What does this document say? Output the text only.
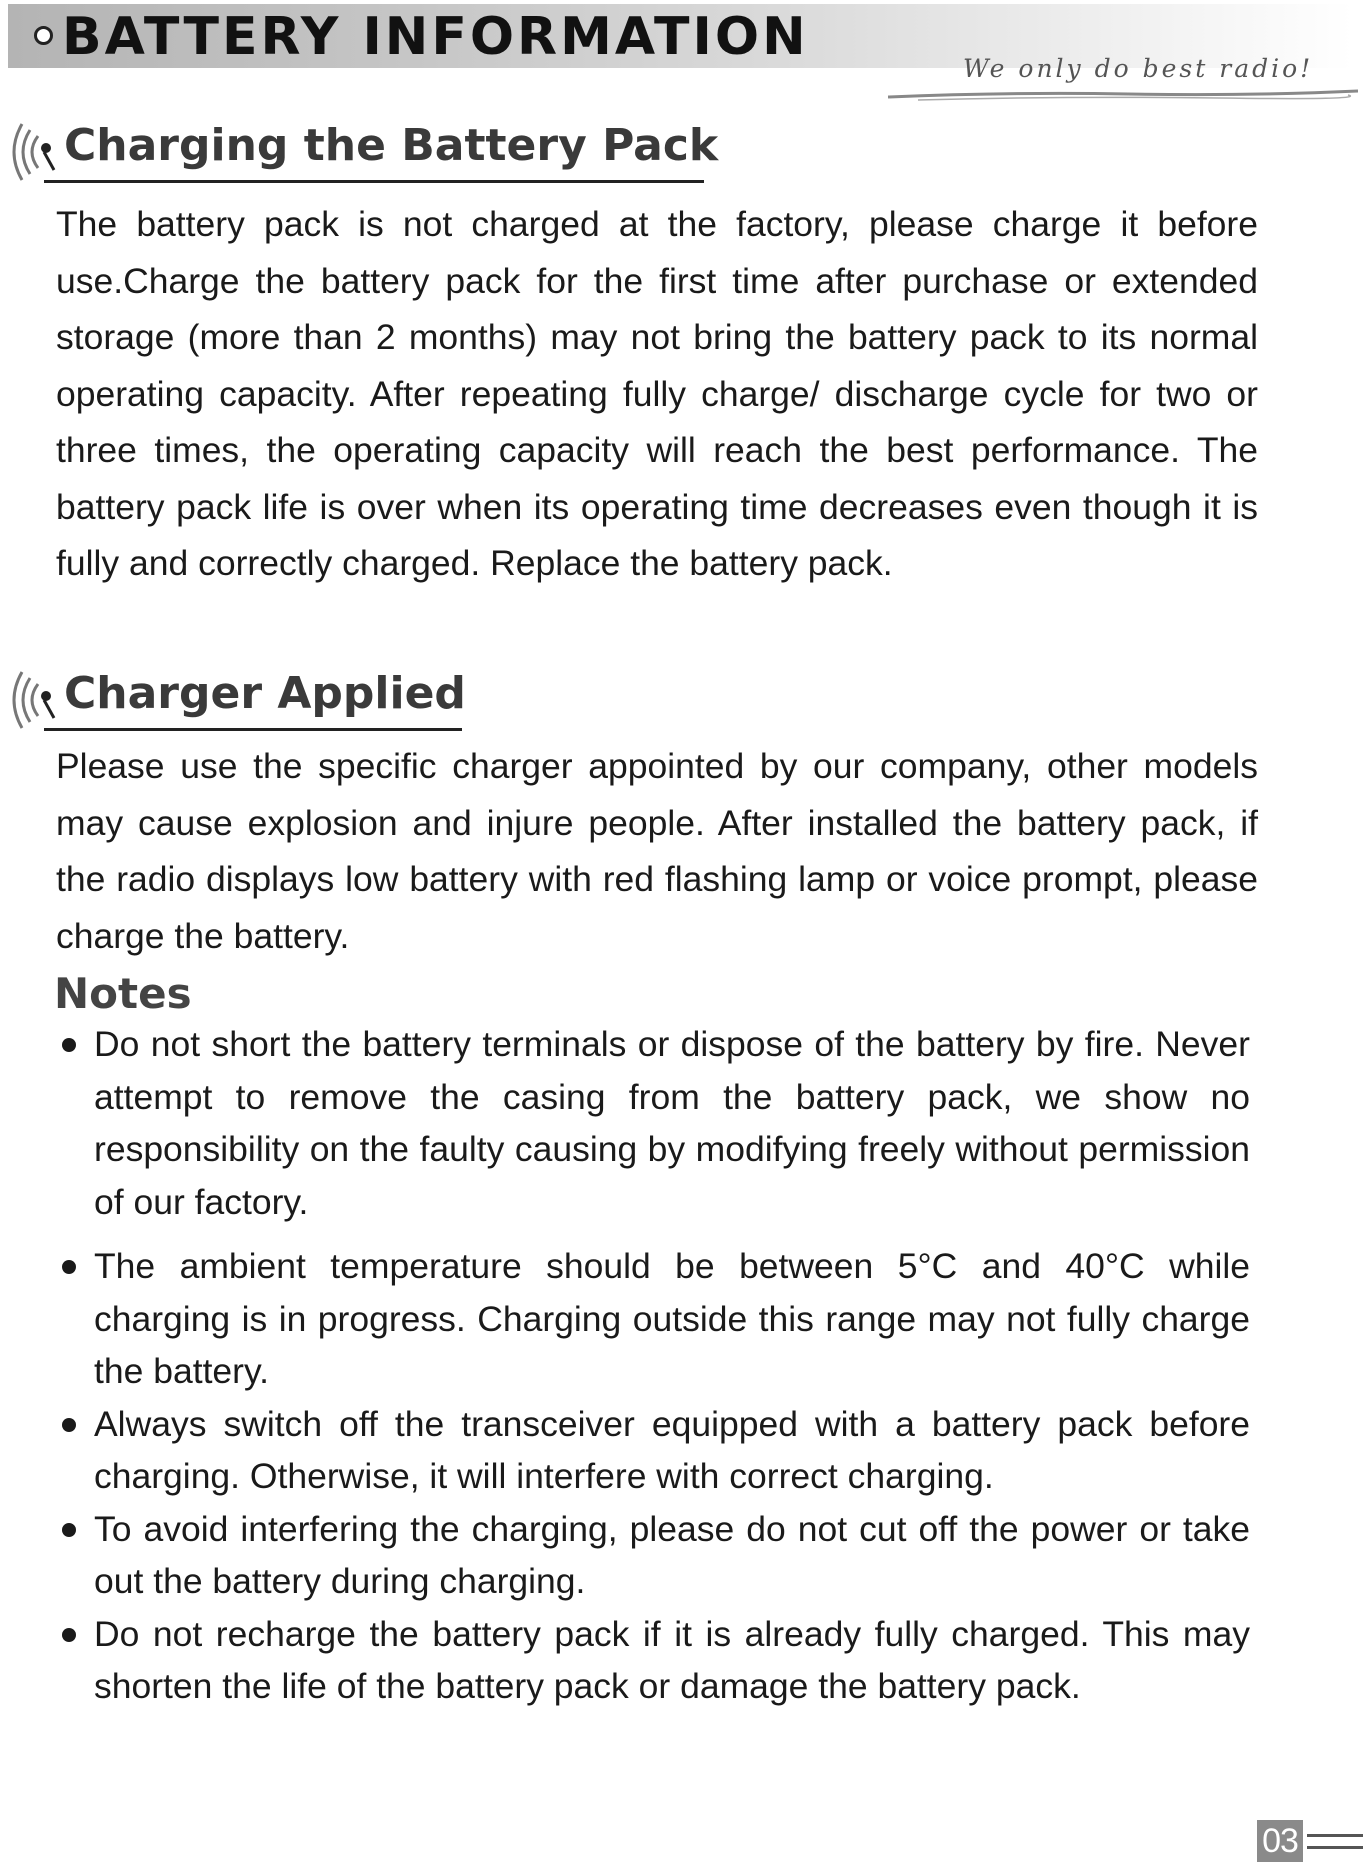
BATTERY INFORMATION
We only do best radio!
Charging the Battery Pack

The battery pack is not charged at the factory, please charge it before use.Charge the battery pack for the first time after purchase or extended storage (more than 2 months) may not bring the battery pack to its normal operating capacity. After repeating fully charge/ discharge cycle for two or three times, the operating capacity will reach the best performance. The battery pack life is over when its operating time decreases even though it is fully and correctly charged. Replace the battery pack.

Charger Applied

Please use the specific charger appointed by our company, other models may cause explosion and injure people. After installed the battery pack, if the radio displays low battery with red flashing lamp or voice prompt, please charge the battery.

Notes
Do not short the battery terminals or dispose of the battery by fire. Never attempt to remove the casing from the battery pack, we show no responsibility on the faulty causing by modifying freely without permission of our factory.
The ambient temperature should be between 5°C and 40°C while charging is in progress. Charging outside this range may not fully charge the battery.
Always switch off the transceiver equipped with a battery pack before charging. Otherwise, it will interfere with correct charging.
To avoid interfering the charging, please do not cut off the power or take out the battery during charging.
Do not recharge the battery pack if it is already fully charged. This may shorten the life of the battery pack or damage the battery pack.
03
